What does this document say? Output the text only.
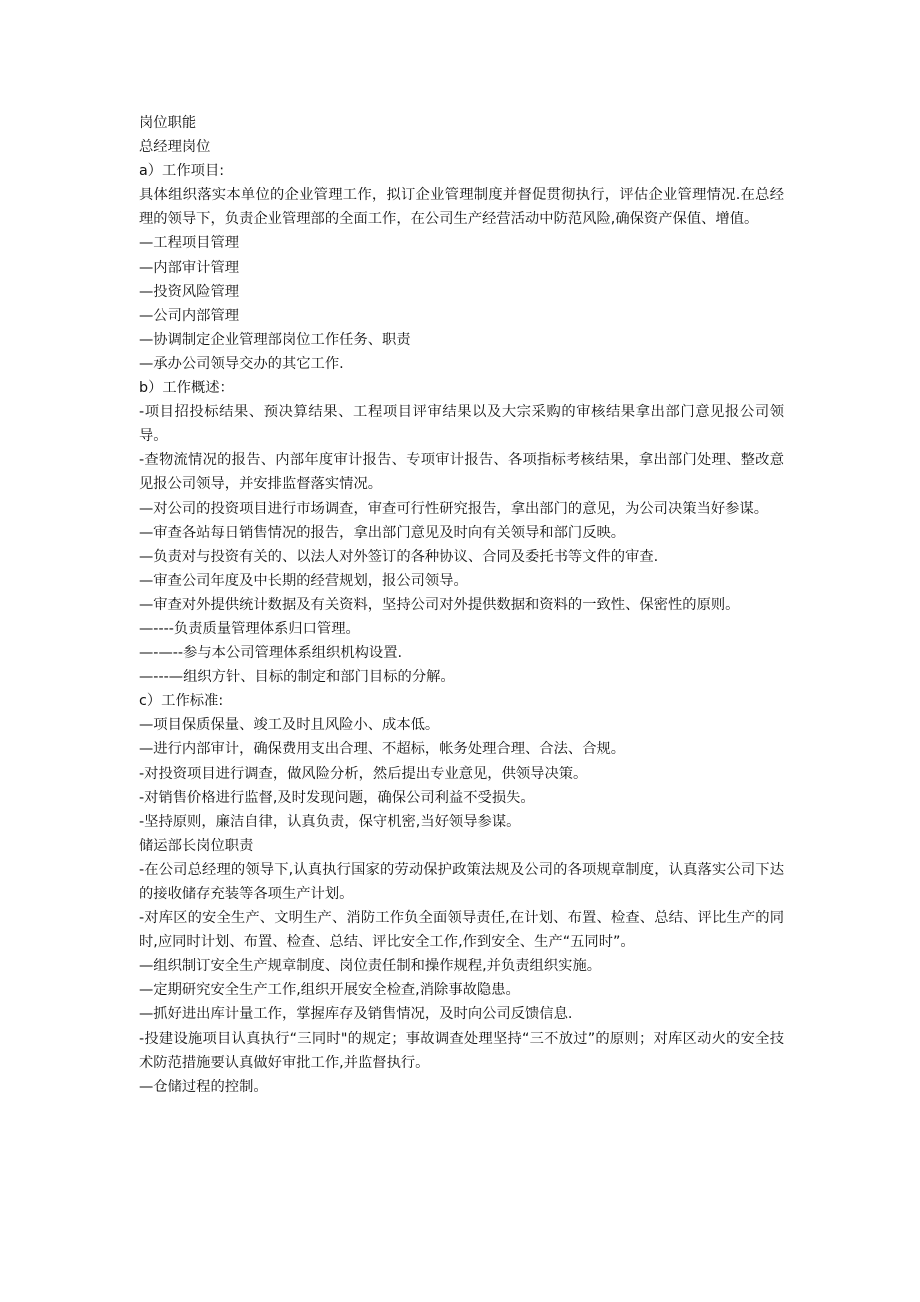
岗位职能

总经理岗位

a）工作项目:

具体组织落实本单位的企业管理工作，拟订企业管理制度并督促贯彻执行，评估企业管理情况.在总经理的领导下，负责企业管理部的全面工作，在公司生产经营活动中防范风险,确保资产保值、增值。

—工程项目管理

—内部审计管理

—投资风险管理

—公司内部管理

—协调制定企业管理部岗位工作任务、职责

—承办公司领导交办的其它工作.

b）工作概述：

-项目招投标结果、预决算结果、工程项目评审结果以及大宗采购的审核结果拿出部门意见报公司领导。

-查物流情况的报告、内部年度审计报告、专项审计报告、各项指标考核结果，拿出部门处理、整改意见报公司领导，并安排监督落实情况。

—对公司的投资项目进行市场调查，审查可行性研究报告，拿出部门的意见，为公司决策当好参谋。

—审查各站每日销售情况的报告，拿出部门意见及时向有关领导和部门反映。

—负责对与投资有关的、以法人对外签订的各种协议、合同及委托书等文件的审查.

—审查公司年度及中长期的经营规划，报公司领导。

—审查对外提供统计数据及有关资料，坚持公司对外提供数据和资料的一致性、保密性的原则。

—----负责质量管理体系归口管理。

—-—--参与本公司管理体系组织机构设置.

—---—组织方针、目标的制定和部门目标的分解。

c）工作标准:

—项目保质保量、竣工及时且风险小、成本低。

—进行内部审计，确保费用支出合理、不超标，帐务处理合理、合法、合规。

-对投资项目进行调查，做风险分析，然后提出专业意见，供领导决策。

-对销售价格进行监督,及时发现问题，确保公司利益不受损失。

-坚持原则，廉洁自律，认真负责，保守机密,当好领导参谋。

储运部长岗位职责

-在公司总经理的领导下,认真执行国家的劳动保护政策法规及公司的各项规章制度，认真落实公司下达的接收储存充装等各项生产计划。

-对库区的安全生产、文明生产、消防工作负全面领导责任,在计划、布置、检查、总结、评比生产的同时,应同时计划、布置、检查、总结、评比安全工作,作到安全、生产“五同时”。

—组织制订安全生产规章制度、岗位责任制和操作规程,并负责组织实施。

—定期研究安全生产工作,组织开展安全检查,消除事故隐患。

—抓好进出库计量工作，掌握库存及销售情况，及时向公司反馈信息.

-投建设施项目认真执行“三同时"的规定；事故调查处理坚持“三不放过”的原则；对库区动火的安全技术防范措施要认真做好审批工作,并监督执行。

—仓储过程的控制。
